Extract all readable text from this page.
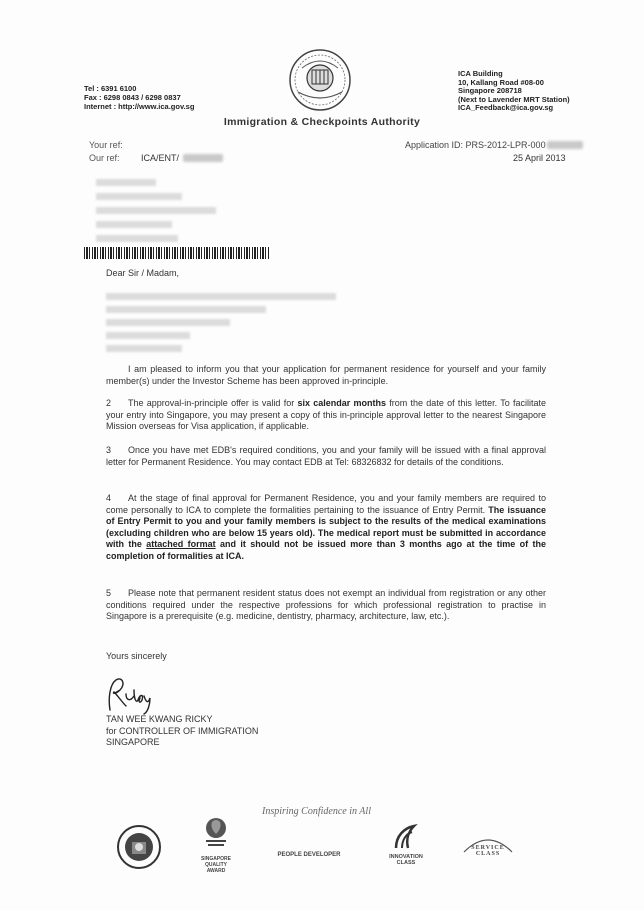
Tel : 6391 6100
Fax : 6298 0843 / 6298 0837
Internet : http://www.ica.gov.sg
ICA Building
10, Kallang Road #08-00
Singapore 208718
(Next to Lavender MRT Station)
ICA_Feedback@ica.gov.sg
Immigration & Checkpoints Authority
Your ref:
Our ref: ICA/ENT/
Application ID: PRS-2012-LPR-000
25 April 2013
Dear Sir / Madam,
I am pleased to inform you that your application for permanent residence for yourself and your family member(s) under the Investor Scheme has been approved in-principle.
2 The approval-in-principle offer is valid for six calendar months from the date of this letter. To facilitate your entry into Singapore, you may present a copy of this in-principle approval letter to the nearest Singapore Mission overseas for Visa application, if applicable.
3 Once you have met EDB's required conditions, you and your family will be issued with a final approval letter for Permanent Residence. You may contact EDB at Tel: 68326832 for details of the conditions.
4 At the stage of final approval for Permanent Residence, you and your family members are required to come personally to ICA to complete the formalities pertaining to the issuance of Entry Permit. The issuance of Entry Permit to you and your family members is subject to the results of the medical examinations (excluding children who are below 15 years old). The medical report must be submitted in accordance with the attached format and it should not be issued more than 3 months ago at the time of the completion of formalities at ICA.
5 Please note that permanent resident status does not exempt an individual from registration or any other conditions required under the respective professions for which professional registration to practise in Singapore is a prerequisite (e.g. medicine, dentistry, pharmacy, architecture, law, etc.).
Yours sincerely
TAN WEE KWANG RICKY
for CONTROLLER OF IMMIGRATION
SINGAPORE
Inspiring Confidence in All
SINGAPORE QUALITY AWARD
PEOPLE DEVELOPER	INNOVATION CLASS
SERVICE CLASS
